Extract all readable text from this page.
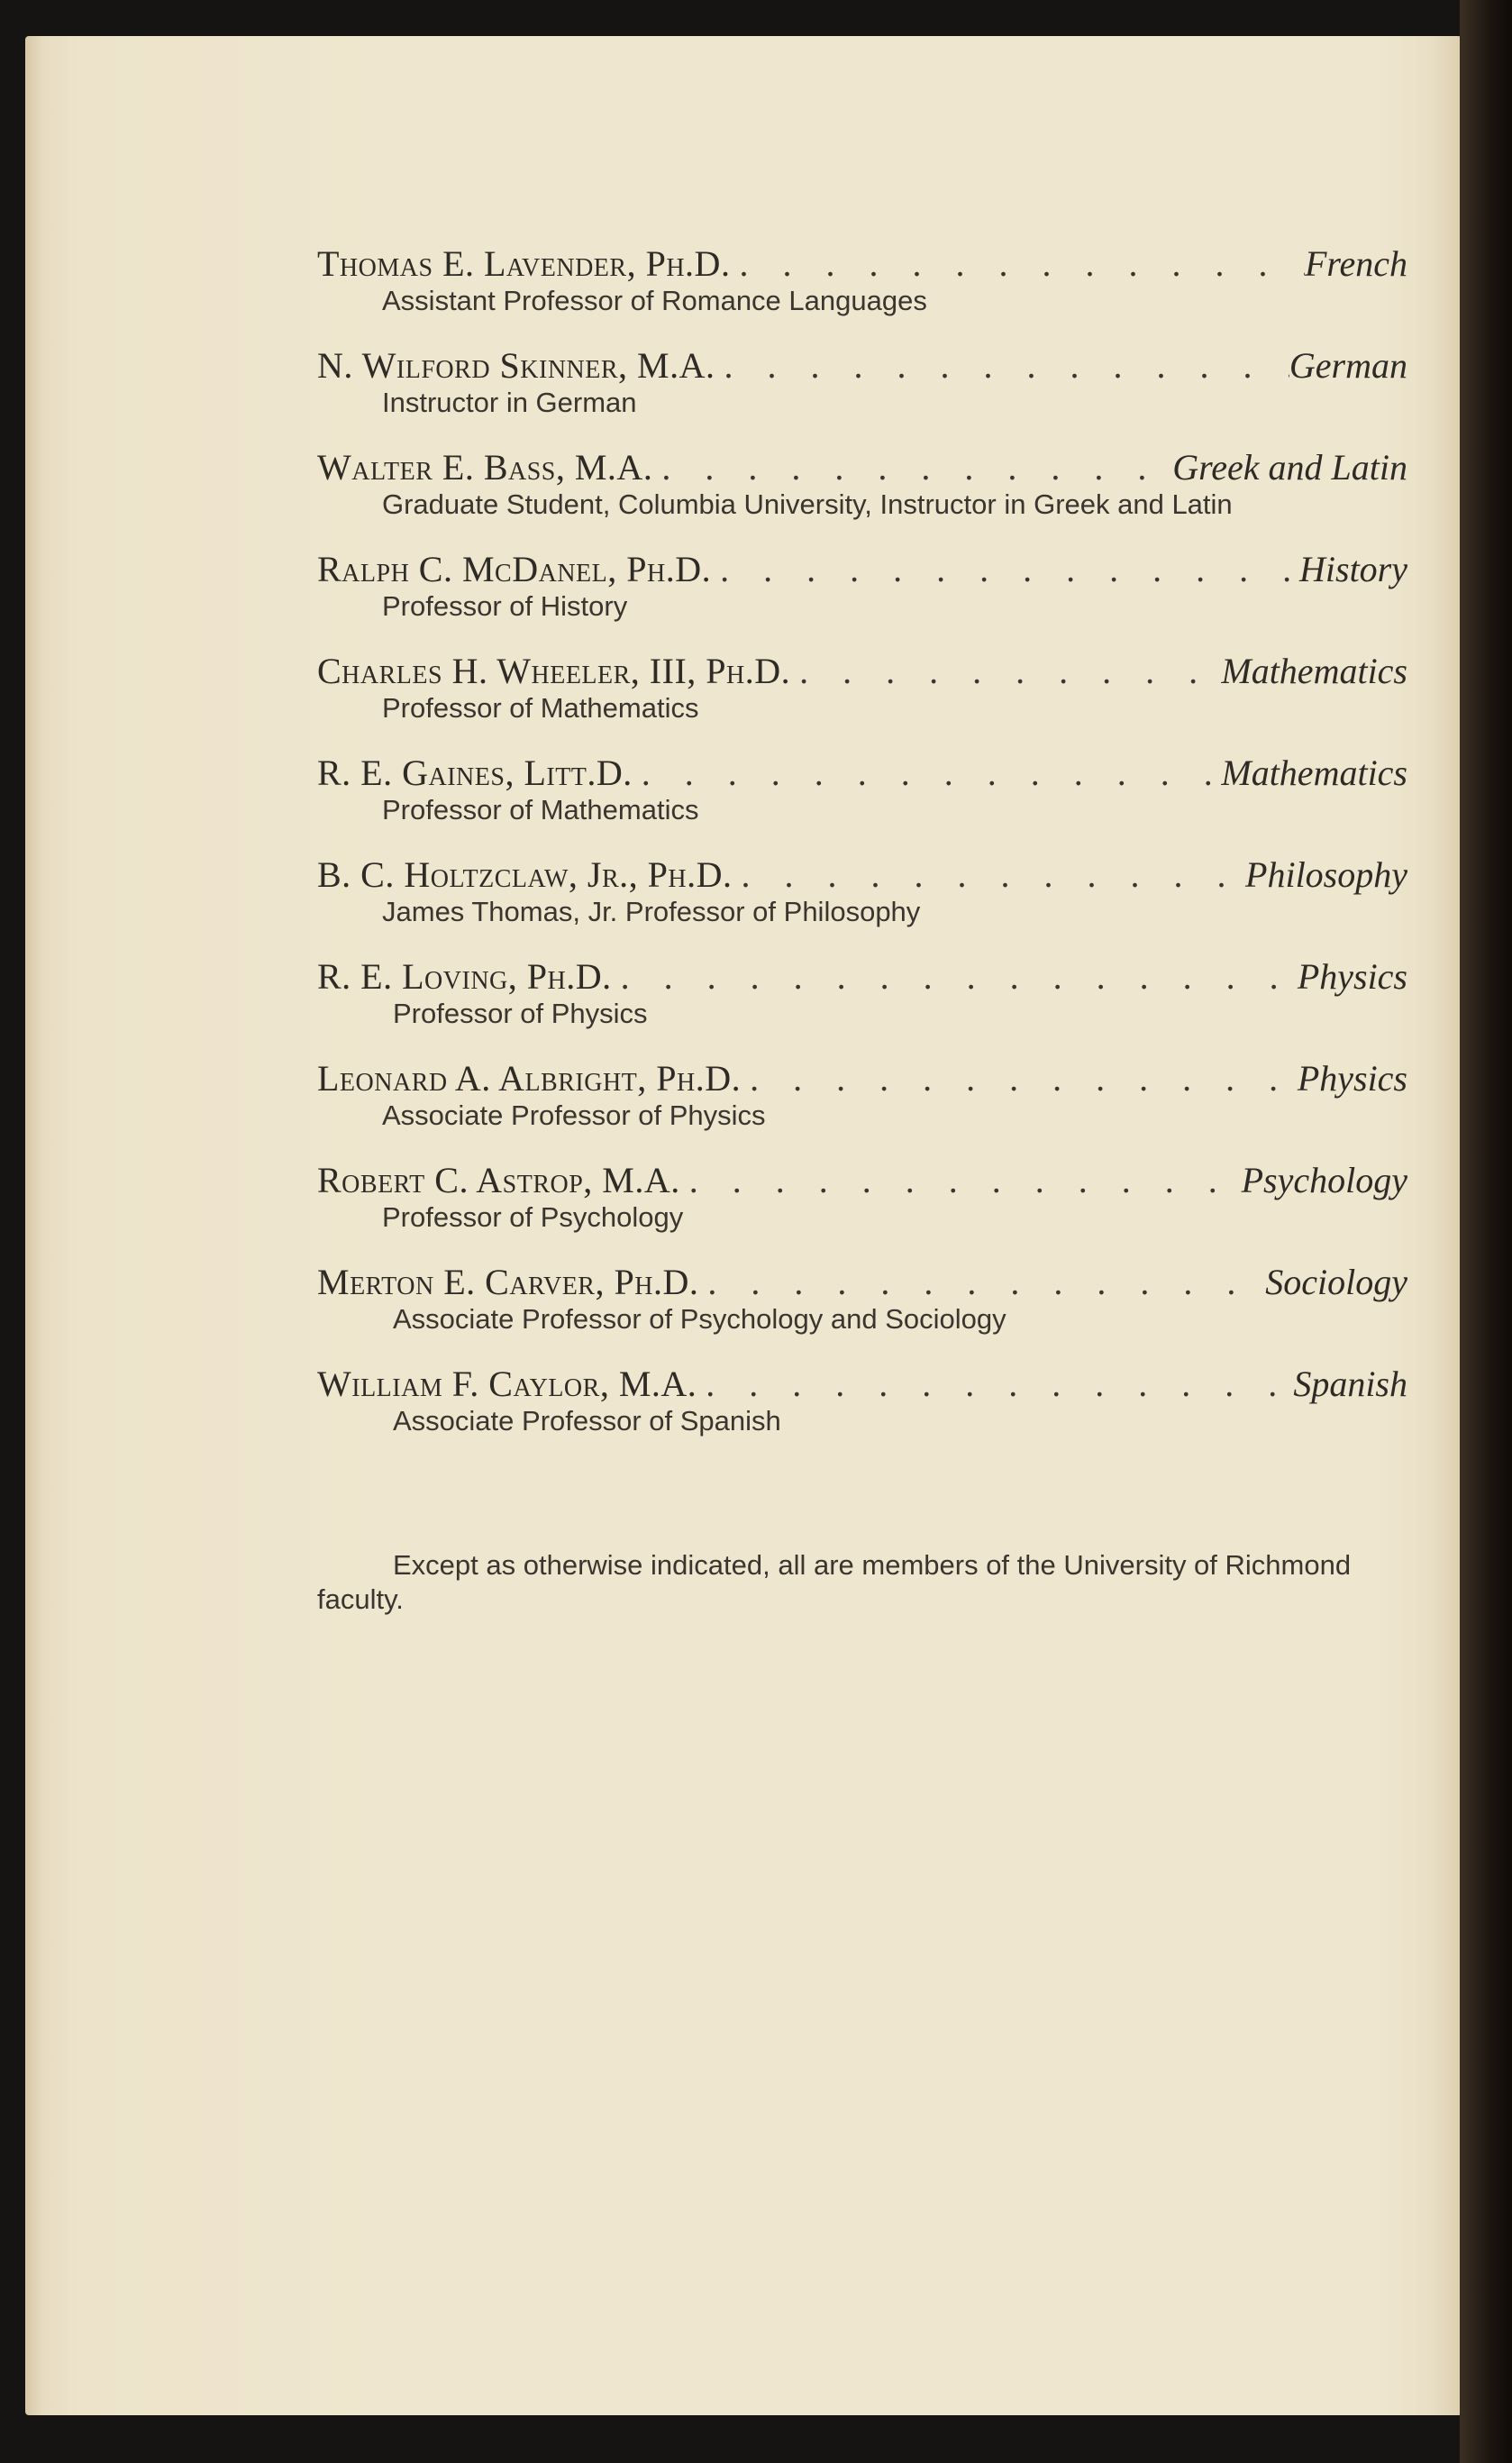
Thomas E. Lavender, Ph.D. . . .	French
Assistant Professor of Romance Languages
N. Wilford Skinner, M.A. . . .	German
Instructor in German
Walter E. Bass, M.A. . . .	Greek and Latin
Graduate Student, Columbia University, Instructor in Greek and Latin
Ralph C. McDanel, Ph.D. . . .	History
Professor of History
Charles H. Wheeler, III, Ph.D. . . .	Mathematics
Professor of Mathematics
R. E. Gaines, Litt.D. . . .	Mathematics
Professor of Mathematics
B. C. Holtzclaw, Jr., Ph.D. . . .	Philosophy
James Thomas, Jr. Professor of Philosophy
R. E. Loving, Ph.D. . . .	Physics
Professor of Physics
Leonard A. Albright, Ph.D. . . .	Physics
Associate Professor of Physics
Robert C. Astrop, M.A. . . .	Psychology
Professor of Psychology
Merton E. Carver, Ph.D. . . .	Sociology
Associate Professor of Psychology and Sociology
William F. Caylor, M.A. . . .	Spanish
Associate Professor of Spanish
Except as otherwise indicated, all are members of the University of Richmond faculty.
